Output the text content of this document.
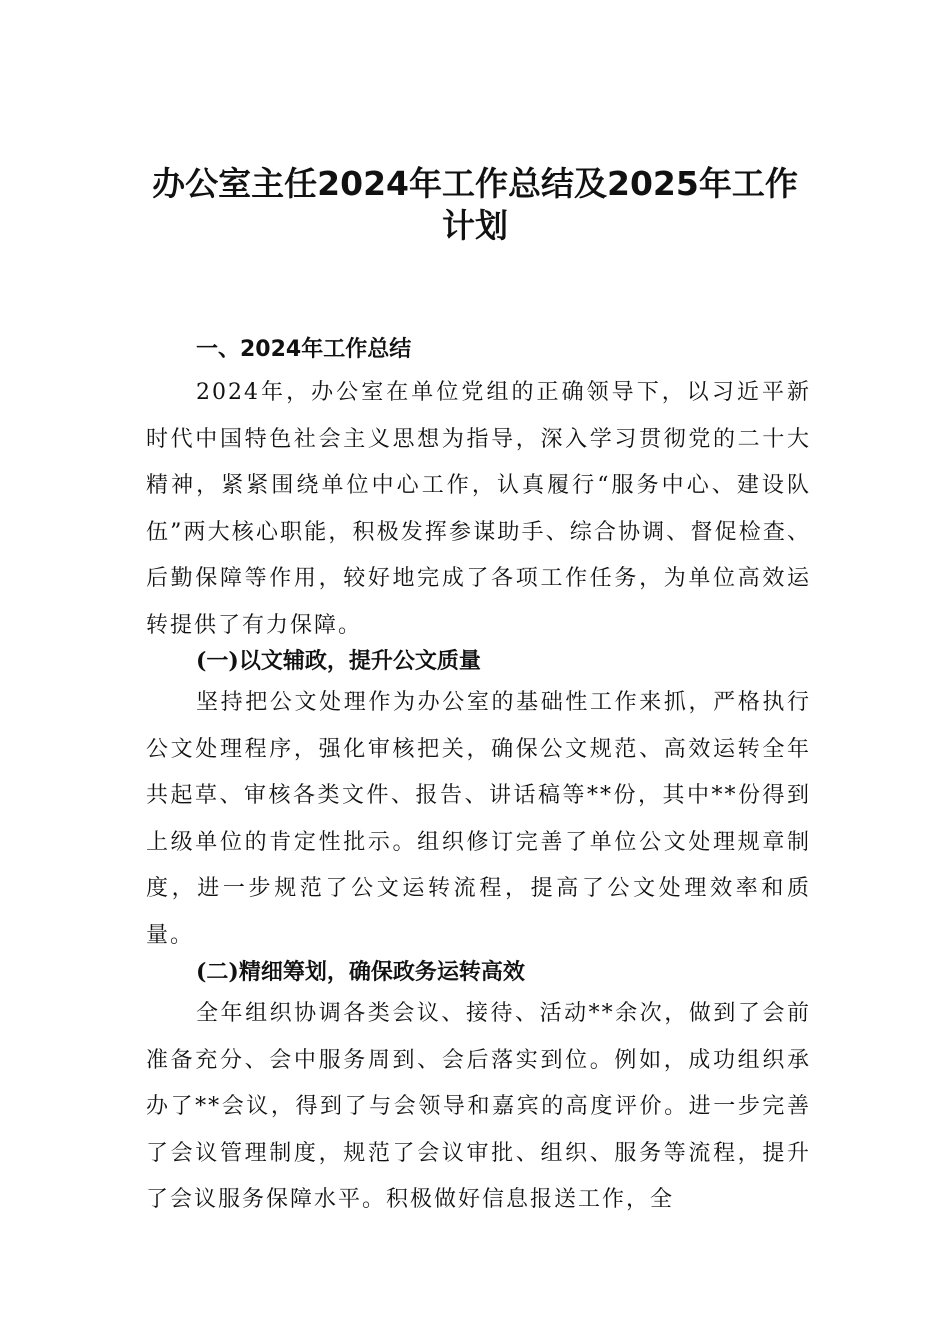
办公室主任2024年工作总结及2025年工作
计划
一、2024年工作总结

2024年，办公室在单位党组的正确领导下，以习近平新时代中国特色社会主义思想为指导，深入学习贯彻党的二十大精神，紧紧围绕单位中心工作，认真履行“服务中心、建设队伍”两大核心职能，积极发挥参谋助手、综合协调、督促检查、后勤保障等作用，较好地完成了各项工作任务，为单位高效运转提供了有力保障。

(一)以文辅政，提升公文质量

坚持把公文处理作为办公室的基础性工作来抓，严格执行公文处理程序，强化审核把关，确保公文规范、高效运转全年共起草、审核各类文件、报告、讲话稿等**份，其中**份得到上级单位的肯定性批示。组织修订完善了单位公文处理规章制度，进一步规范了公文运转流程，提高了公文处理效率和质量。

(二)精细筹划，确保政务运转高效

全年组织协调各类会议、接待、活动**余次，做到了会前准备充分、会中服务周到、会后落实到位。例如，成功组织承办了**会议，得到了与会领导和嘉宾的高度评价。进一步完善了会议管理制度，规范了会议审批、组织、服务等流程，提升了会议服务保障水平。积极做好信息报送工作，全
